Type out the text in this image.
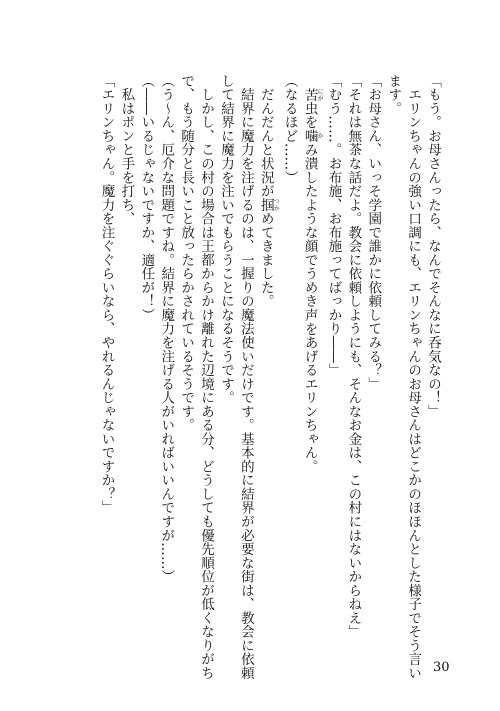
「もう。お母さんったら、なんでそんなに呑気なの！」
　エリンちゃんの強い口調にも、エリンちゃんのお母さんはどこかのほほんとした様子でそう言い
ます。
「お母さん、いっそ学園で誰かに依頼してみる？」
「それは無茶な話だよ。教会に依頼しようにも、そんなお金は、この村にはないからねえ」
「むう……。お布施、お布施ってばっかり――」
　苦にが虫を噛かみ潰したような顔でうめき声をあげるエリンちゃん。
（なるほど……）
　だんだんと状況が掴つかめてきました。
　結界に魔力を注げるのは、一握りの魔法使いだけです。基本的に結界が必要な街は、教会に依頼
して結界に魔力を注いでもらうことになるそうです。
　しかし、この村の場合は王都からかけ離れた辺境にある分、どうしても優先順位が低くなりがち
で、もう随分と長いこと放ったらかされているそうです。
（う～ん、厄介な問題ですね。結界に魔力を注げる人がいればいいんですが……）
（――いるじゃないですか、適任が！）
　私はポンと手を打ち、
「エリンちゃん。魔力を注ぐぐらいなら、やれるんじゃないですか？」
30
